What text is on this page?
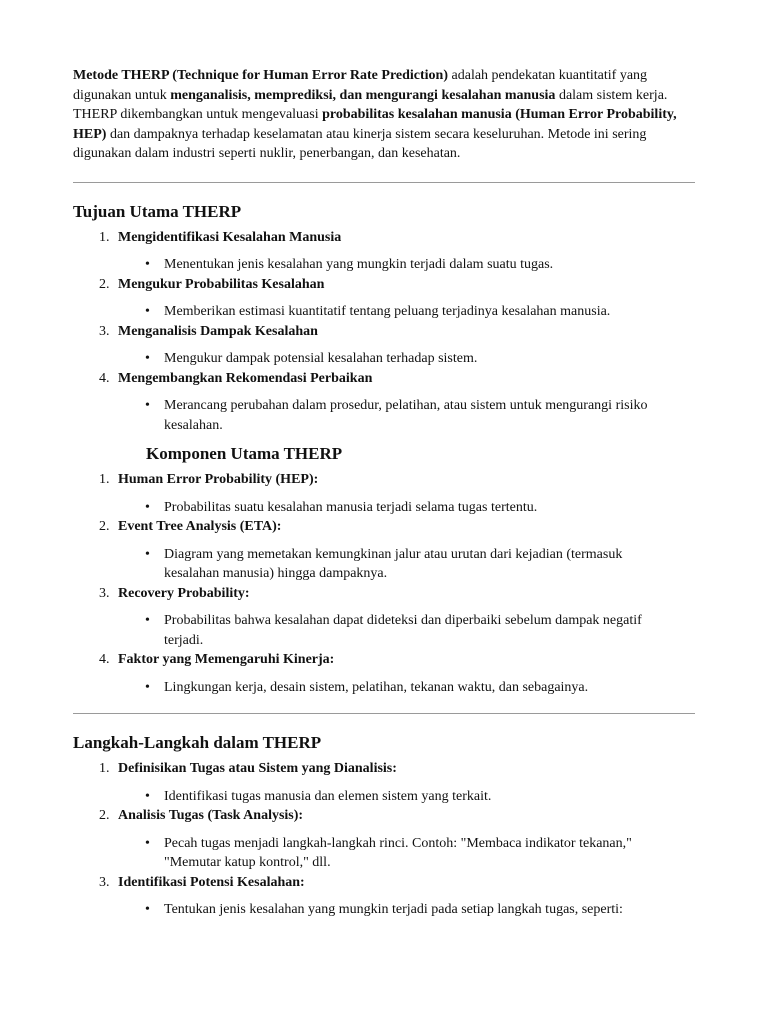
Metode THERP (Technique for Human Error Rate Prediction) adalah pendekatan kuantitatif yang digunakan untuk menganalisis, memprediksi, dan mengurangi kesalahan manusia dalam sistem kerja. THERP dikembangkan untuk mengevaluasi probabilitas kesalahan manusia (Human Error Probability, HEP) dan dampaknya terhadap keselamatan atau kinerja sistem secara keseluruhan. Metode ini sering digunakan dalam industri seperti nuklir, penerbangan, dan kesehatan.

Tujuan Utama THERP
1. Mengidentifikasi Kesalahan Manusia
• Menentukan jenis kesalahan yang mungkin terjadi dalam suatu tugas.
2. Mengukur Probabilitas Kesalahan
• Memberikan estimasi kuantitatif tentang peluang terjadinya kesalahan manusia.
3. Menganalisis Dampak Kesalahan
• Mengukur dampak potensial kesalahan terhadap sistem.
4. Mengembangkan Rekomendasi Perbaikan
• Merancang perubahan dalam prosedur, pelatihan, atau sistem untuk mengurangi risiko kesalahan.
Komponen Utama THERP
1. Human Error Probability (HEP):
• Probabilitas suatu kesalahan manusia terjadi selama tugas tertentu.
2. Event Tree Analysis (ETA):
• Diagram yang memetakan kemungkinan jalur atau urutan dari kejadian (termasuk kesalahan manusia) hingga dampaknya.
3. Recovery Probability:
• Probabilitas bahwa kesalahan dapat dideteksi dan diperbaiki sebelum dampak negatif terjadi.
4. Faktor yang Memengaruhi Kinerja:
• Lingkungan kerja, desain sistem, pelatihan, tekanan waktu, dan sebagainya.
Langkah-Langkah dalam THERP
1. Definisikan Tugas atau Sistem yang Dianalisis:
• Identifikasi tugas manusia dan elemen sistem yang terkait.
2. Analisis Tugas (Task Analysis):
• Pecah tugas menjadi langkah-langkah rinci. Contoh: "Membaca indikator tekanan," "Memutar katup kontrol," dll.
3. Identifikasi Potensi Kesalahan:
• Tentukan jenis kesalahan yang mungkin terjadi pada setiap langkah tugas, seperti:
